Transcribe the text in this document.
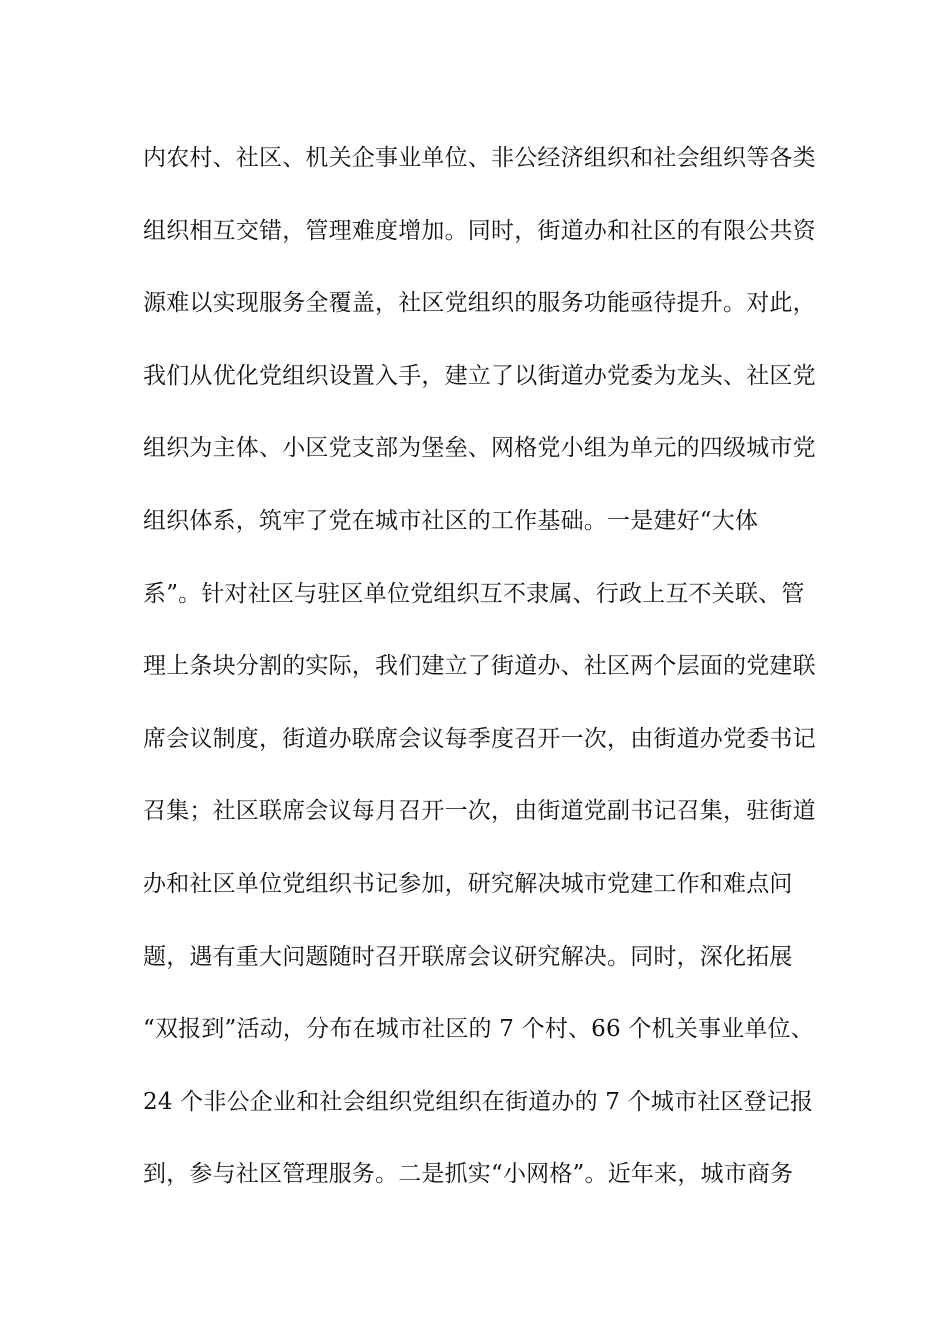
内农村、社区、机关企事业单位、非公经济组织和社会组织等各类
组织相互交错，管理难度增加。同时，街道办和社区的有限公共资
源难以实现服务全覆盖，社区党组织的服务功能亟待提升。对此，
我们从优化党组织设置入手，建立了以街道办党委为龙头、社区党
组织为主体、小区党支部为堡垒、网格党小组为单元的四级城市党
组织体系，筑牢了党在城市社区的工作基础。一是建好“大体
系”。针对社区与驻区单位党组织互不隶属、行政上互不关联、管
理上条块分割的实际，我们建立了街道办、社区两个层面的党建联
席会议制度，街道办联席会议每季度召开一次，由街道办党委书记
召集；社区联席会议每月召开一次，由街道党副书记召集，驻街道
办和社区单位党组织书记参加，研究解决城市党建工作和难点问
题，遇有重大问题随时召开联席会议研究解决。同时，深化拓展
“双报到”活动，分布在城市社区的 7 个村、66 个机关事业单位、
24 个非公企业和社会组织党组织在街道办的 7 个城市社区登记报
到，参与社区管理服务。二是抓实“小网格”。近年来，城市商务
